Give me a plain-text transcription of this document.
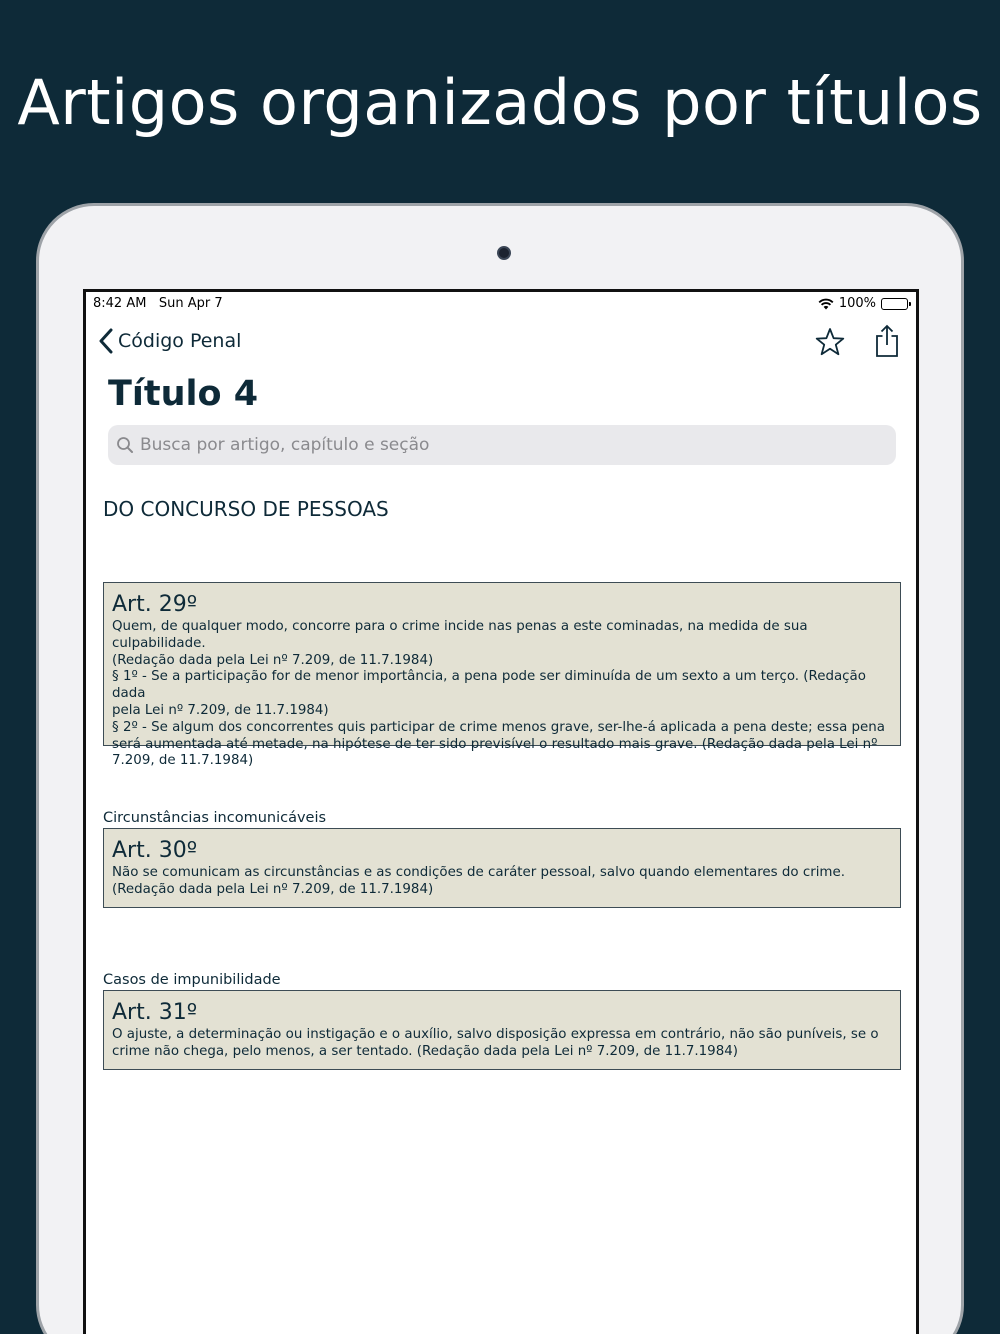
Artigos organizados por títulos
8:42 AM Sun Apr 7	100%
Código Penal
Título 4
Busca por artigo, capítulo e seção
DO CONCURSO DE PESSOAS
Art. 29º
Quem, de qualquer modo, concorre para o crime incide nas penas a este cominadas, na medida de sua culpabilidade.
(Redação dada pela Lei nº 7.209, de 11.7.1984)
§ 1º - Se a participação for de menor importância, a pena pode ser diminuída de um sexto a um terço. (Redação dada
pela Lei nº 7.209, de 11.7.1984)
§ 2º - Se algum dos concorrentes quis participar de crime menos grave, ser-lhe-á aplicada a pena deste; essa pena
será aumentada até metade, na hipótese de ter sido previsível o resultado mais grave. (Redação dada pela Lei nº
7.209, de 11.7.1984)
Circunstâncias incomunicáveis
Art. 30º
Não se comunicam as circunstâncias e as condições de caráter pessoal, salvo quando elementares do crime.
(Redação dada pela Lei nº 7.209, de 11.7.1984)
Casos de impunibilidade
Art. 31º
O ajuste, a determinação ou instigação e o auxílio, salvo disposição expressa em contrário, não são puníveis, se o
crime não chega, pelo menos, a ser tentado. (Redação dada pela Lei nº 7.209, de 11.7.1984)
